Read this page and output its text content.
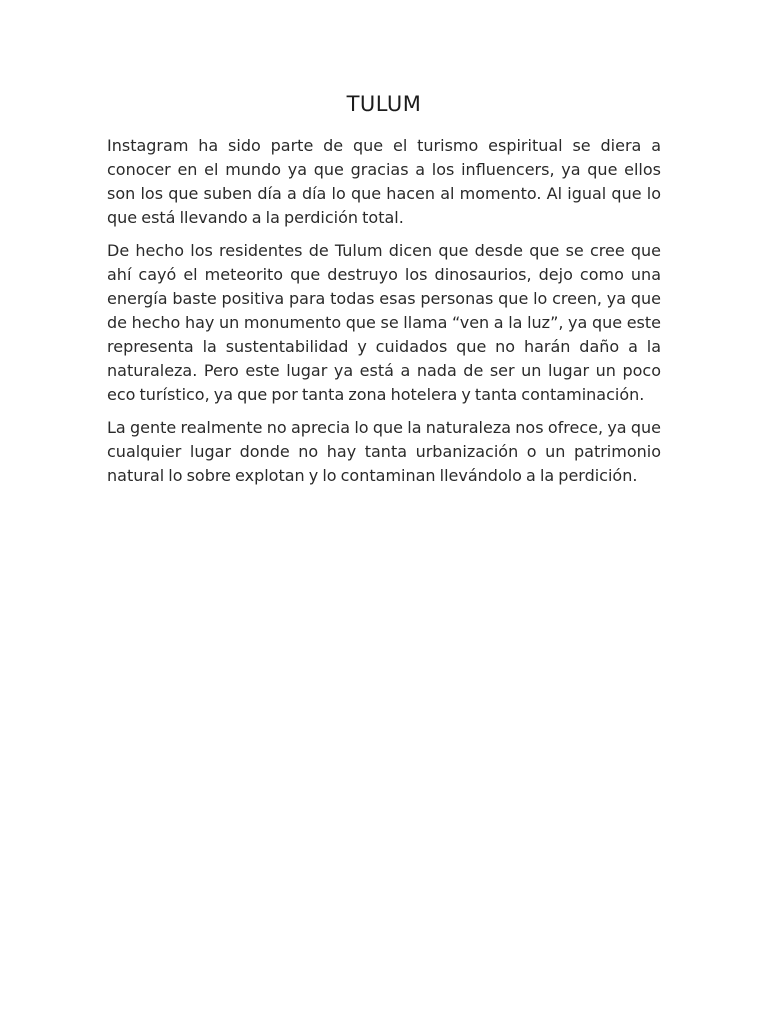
TULUM

Instagram ha sido parte de que el turismo espiritual se diera a conocer en el mundo ya que gracias a los influencers, ya que ellos son los que suben día a día lo que hacen al momento. Al igual que lo que está llevando a la perdición total.

De hecho los residentes de Tulum dicen que desde que se cree que ahí cayó el meteorito que destruyo los dinosaurios, dejo como una energía baste positiva para todas esas personas que lo creen, ya que de hecho hay un monumento que se llama “ven a la luz”, ya que este representa la sustentabilidad y cuidados que no harán daño a la naturaleza. Pero este lugar ya está a nada de ser un lugar un poco eco turístico, ya que por tanta zona hotelera y tanta contaminación.

La gente realmente no aprecia lo que la naturaleza nos ofrece, ya que cualquier lugar donde no hay tanta urbanización o un patrimonio natural lo sobre explotan y lo contaminan llevándolo a la perdición.
